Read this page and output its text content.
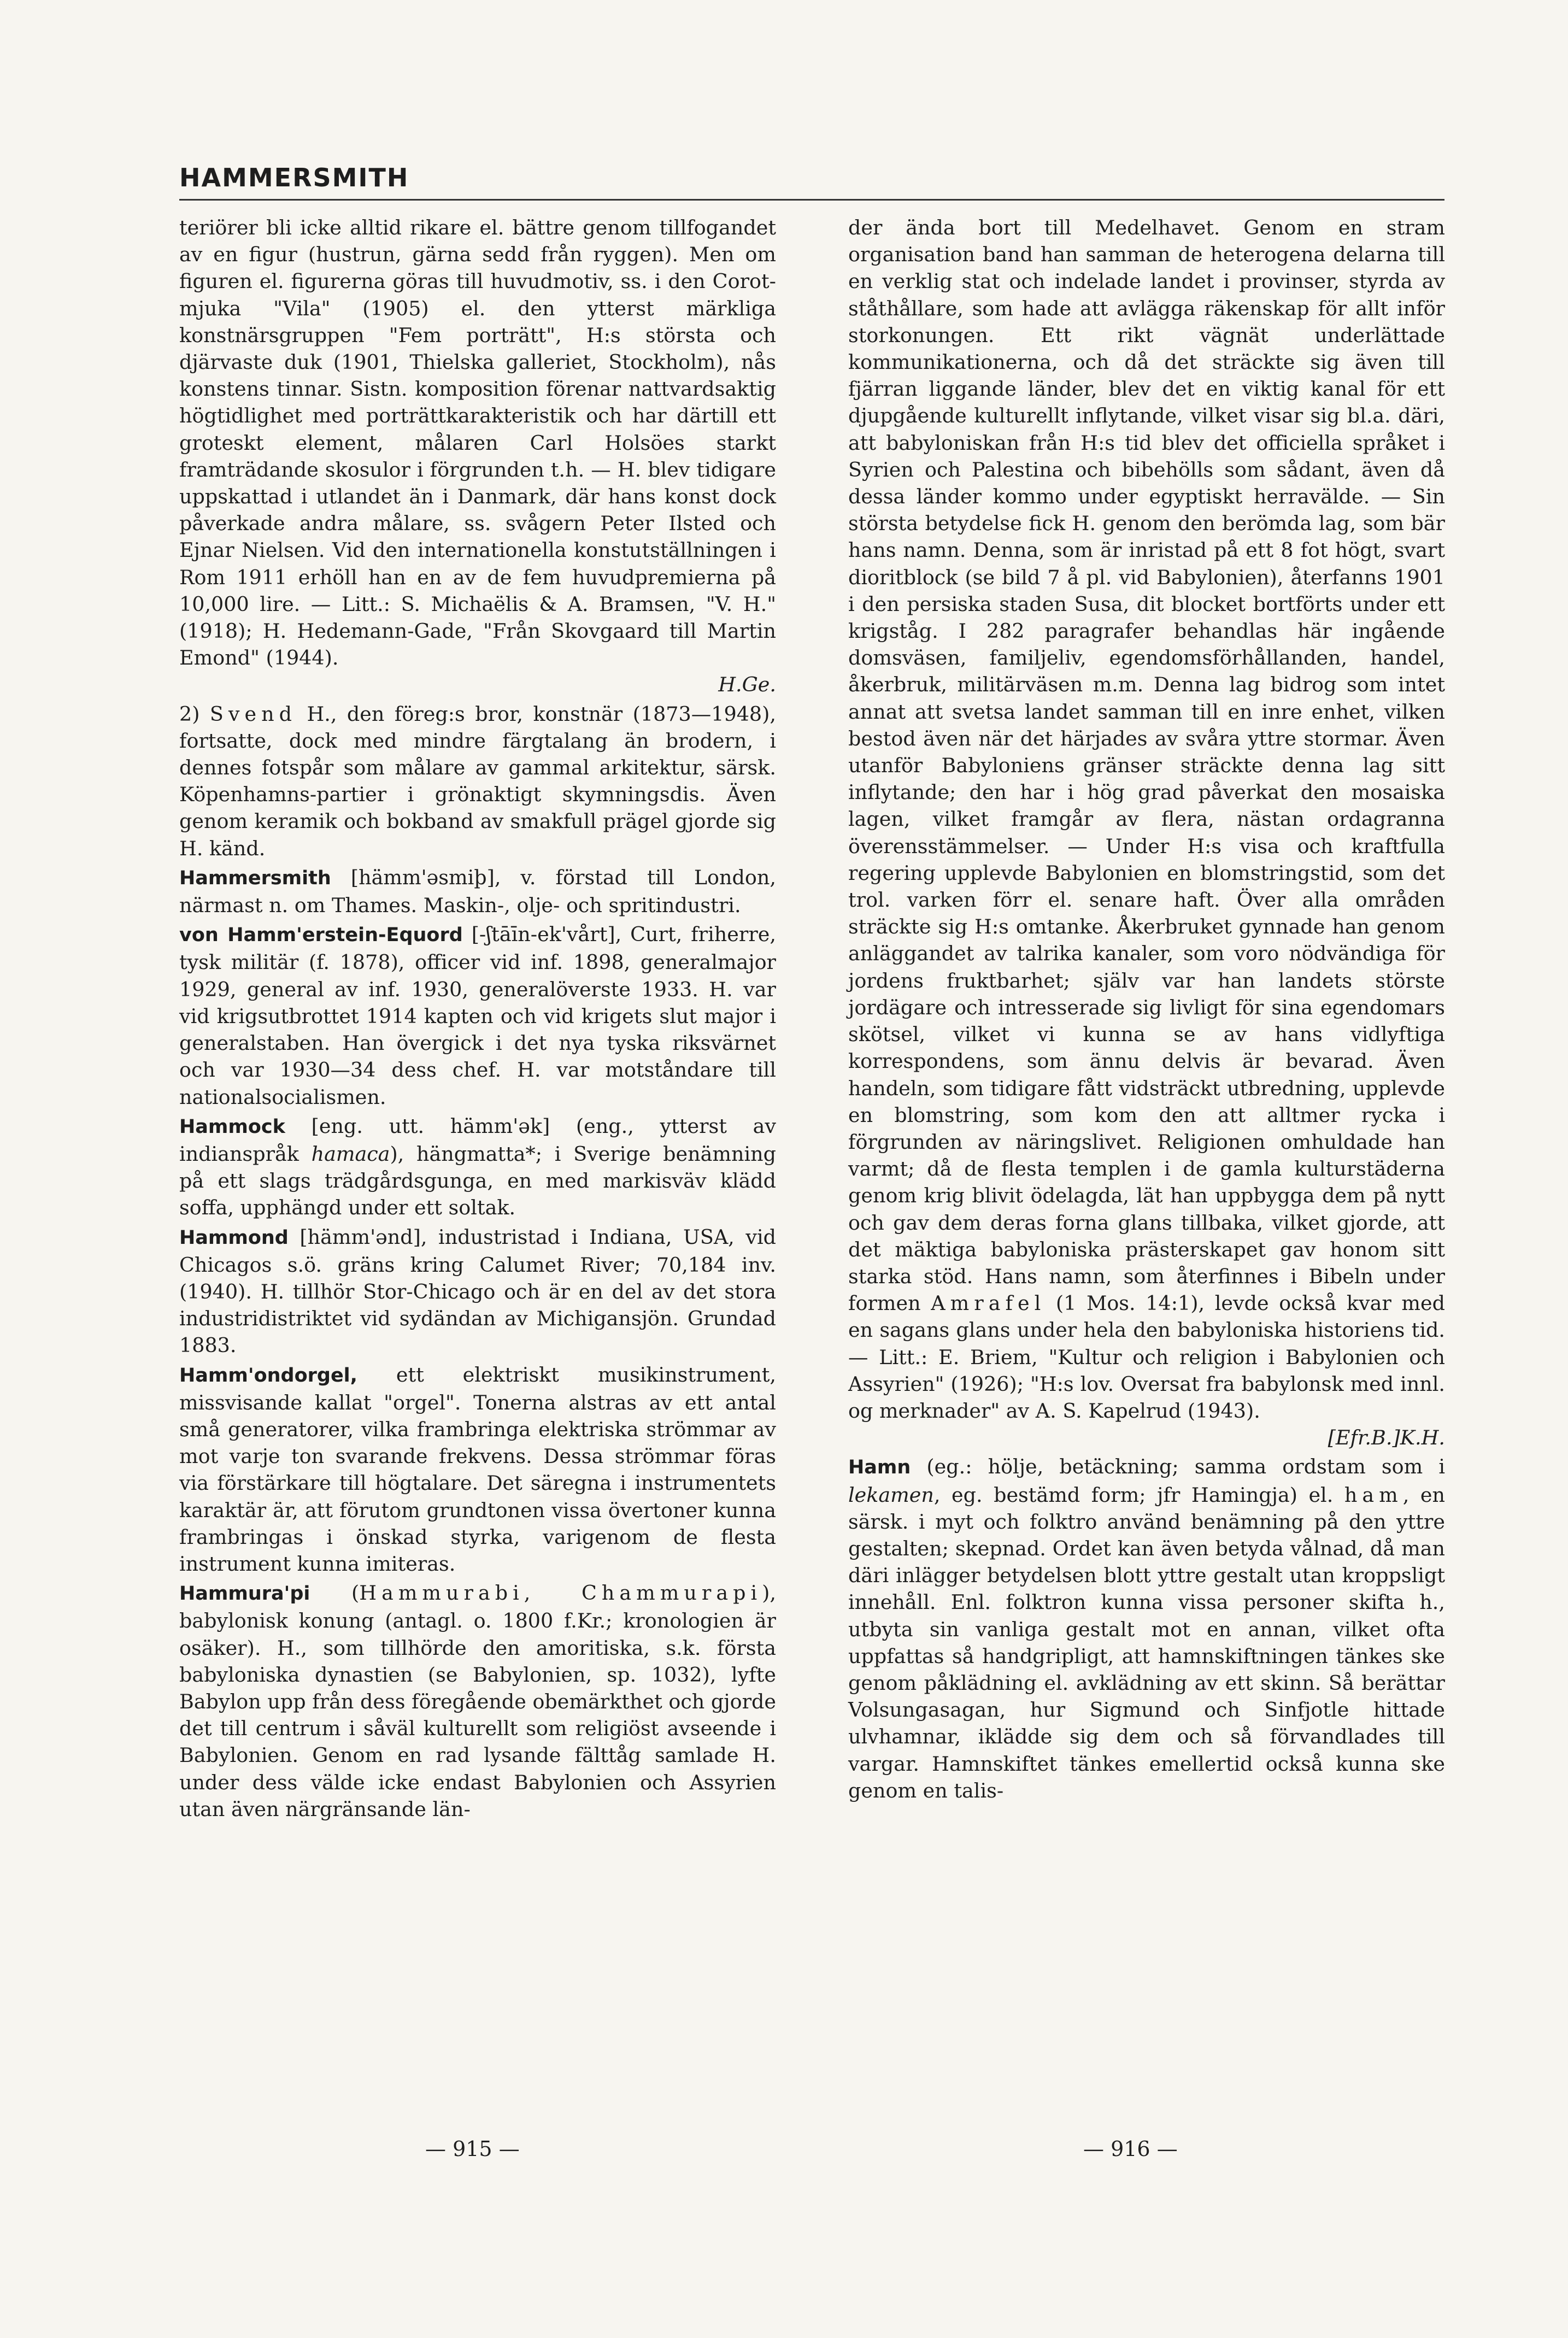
HAMMERSMITH

teriörer bli icke alltid rikare el. bättre genom tillfogandet av en figur (hustrun, gärna sedd från ryggen). Men om figuren el. figurerna göras till huvudmotiv, ss. i den Corot-mjuka "Vila" (1905) el. den ytterst märkliga konstnärsgruppen "Fem porträtt", H:s största och djärvaste duk (1901, Thielska galleriet, Stockholm), nås konstens tinnar. Sistn. komposition förenar nattvardsaktig högtidlighet med porträttkarakteristik och har därtill ett groteskt element, målaren Carl Holsöes starkt framträdande skosulor i förgrunden t.h. — H. blev tidigare uppskattad i utlandet än i Danmark, där hans konst dock påverkade andra målare, ss. svågern Peter Ilsted och Ejnar Nielsen. Vid den internationella konstutställningen i Rom 1911 erhöll han en av de fem huvudpremierna på 10,000 lire. — Litt.: S. Michaëlis & A. Bramsen, "V. H." (1918); H. Hedemann-Gade, "Från Skovgaard till Martin Emond" (1944).
H.Ge.

2) Svend H., den föreg:s bror, konstnär (1873—1948), fortsatte, dock med mindre färgtalang än brodern, i dennes fotspår som målare av gammal arkitektur, särsk. Köpenhamns-partier i grönaktigt skymningsdis. Även genom keramik och bokband av smakfull prägel gjorde sig H. känd.

Hammersmith [hämm'əsmiþ], v. förstad till London, närmast n. om Thames. Maskin-, olje- och spritindustri.

von Hamm'erstein-Equord [-ʃtāīn-ek'vårt], Curt, friherre, tysk militär (f. 1878), officer vid inf. 1898, generalmajor 1929, general av inf. 1930, generalöverste 1933. H. var vid krigsutbrottet 1914 kapten och vid krigets slut major i generalstaben. Han övergick i det nya tyska riksvärnet och var 1930—34 dess chef. H. var motståndare till nationalsocialismen.

Hammock [eng. utt. hämm'ək] (eng., ytterst av indianspråk hamaca), hängmatta*; i Sverige benämning på ett slags trädgårdsgunga, en med markisväv klädd soffa, upphängd under ett soltak.

Hammond [hämm'ənd], industristad i Indiana, USA, vid Chicagos s.ö. gräns kring Calumet River; 70,184 inv. (1940). H. tillhör Stor-Chicago och är en del av det stora industridistriktet vid sydändan av Michigansjön. Grundad 1883.

Hamm'ondorgel, ett elektriskt musikinstrument, missvisande kallat "orgel". Tonerna alstras av ett antal små generatorer, vilka frambringa elektriska strömmar av mot varje ton svarande frekvens. Dessa strömmar föras via förstärkare till högtalare. Det säregna i instrumentets karaktär är, att förutom grundtonen vissa övertoner kunna frambringas i önskad styrka, varigenom de flesta instrument kunna imiteras.

Hammura'pi (Hammurabi, Chammurapi), babylonisk konung (antagl. o. 1800 f.Kr.; kronologien är osäker). H., som tillhörde den amoritiska, s.k. första babyloniska dynastien (se Babylonien, sp. 1032), lyfte Babylon upp från dess föregående obemärkthet och gjorde det till centrum i såväl kulturellt som religiöst avseende i Babylonien. Genom en rad lysande fälttåg samlade H. under dess välde icke endast Babylonien och Assyrien utan även närgränsande län-

der ända bort till Medelhavet. Genom en stram organisation band han samman de heterogena delarna till en verklig stat och indelade landet i provinser, styrda av ståthållare, som hade att avlägga räkenskap för allt inför storkonungen. Ett rikt vägnät underlättade kommunikationerna, och då det sträckte sig även till fjärran liggande länder, blev det en viktig kanal för ett djupgående kulturellt inflytande, vilket visar sig bl.a. däri, att babyloniskan från H:s tid blev det officiella språket i Syrien och Palestina och bibehölls som sådant, även då dessa länder kommo under egyptiskt herravälde. — Sin största betydelse fick H. genom den berömda lag, som bär hans namn. Denna, som är inristad på ett 8 fot högt, svart dioritblock (se bild 7 å pl. vid Babylonien), återfanns 1901 i den persiska staden Susa, dit blocket bortförts under ett krigståg. I 282 paragrafer behandlas här ingående domsväsen, familjeliv, egendomsförhållanden, handel, åkerbruk, militärväsen m.m. Denna lag bidrog som intet annat att svetsa landet samman till en inre enhet, vilken bestod även när det härjades av svåra yttre stormar. Även utanför Babyloniens gränser sträckte denna lag sitt inflytande; den har i hög grad påverkat den mosaiska lagen, vilket framgår av flera, nästan ordagranna överensstämmelser. — Under H:s visa och kraftfulla regering upplevde Babylonien en blomstringstid, som det trol. varken förr el. senare haft. Över alla områden sträckte sig H:s omtanke. Åkerbruket gynnade han genom anläggandet av talrika kanaler, som voro nödvändiga för jordens fruktbarhet; själv var han landets störste jordägare och intresserade sig livligt för sina egendomars skötsel, vilket vi kunna se av hans vidlyftiga korrespondens, som ännu delvis är bevarad. Även handeln, som tidigare fått vidsträckt utbredning, upplevde en blomstring, som kom den att alltmer rycka i förgrunden av näringslivet. Religionen omhuldade han varmt; då de flesta templen i de gamla kulturstäderna genom krig blivit ödelagda, lät han uppbygga dem på nytt och gav dem deras forna glans tillbaka, vilket gjorde, att det mäktiga babyloniska prästerskapet gav honom sitt starka stöd. Hans namn, som återfinnes i Bibeln under formen Amrafel (1 Mos. 14:1), levde också kvar med en sagans glans under hela den babyloniska historiens tid. — Litt.: E. Briem, "Kultur och religion i Babylonien och Assyrien" (1926); "H:s lov. Oversat fra babylonsk med innl. og merknader" av A. S. Kapelrud (1943).
[Efr.B.]K.H.

Hamn (eg.: hölje, betäckning; samma ordstam som i lekamen, eg. bestämd form; jfr Hamingja) el. ham, en särsk. i myt och folktro använd benämning på den yttre gestalten; skepnad. Ordet kan även betyda vålnad, då man däri inlägger betydelsen blott yttre gestalt utan kroppsligt innehåll. Enl. folktron kunna vissa personer skifta h., utbyta sin vanliga gestalt mot en annan, vilket ofta uppfattas så handgripligt, att hamnskiftningen tänkes ske genom påklädning el. avklädning av ett skinn. Så berättar Volsungasagan, hur Sigmund och Sinfjotle hittade ulvhamnar, iklädde sig dem och så förvandlades till vargar. Hamnskiftet tänkes emellertid också kunna ske genom en talis-

— 915 —	— 916 —
